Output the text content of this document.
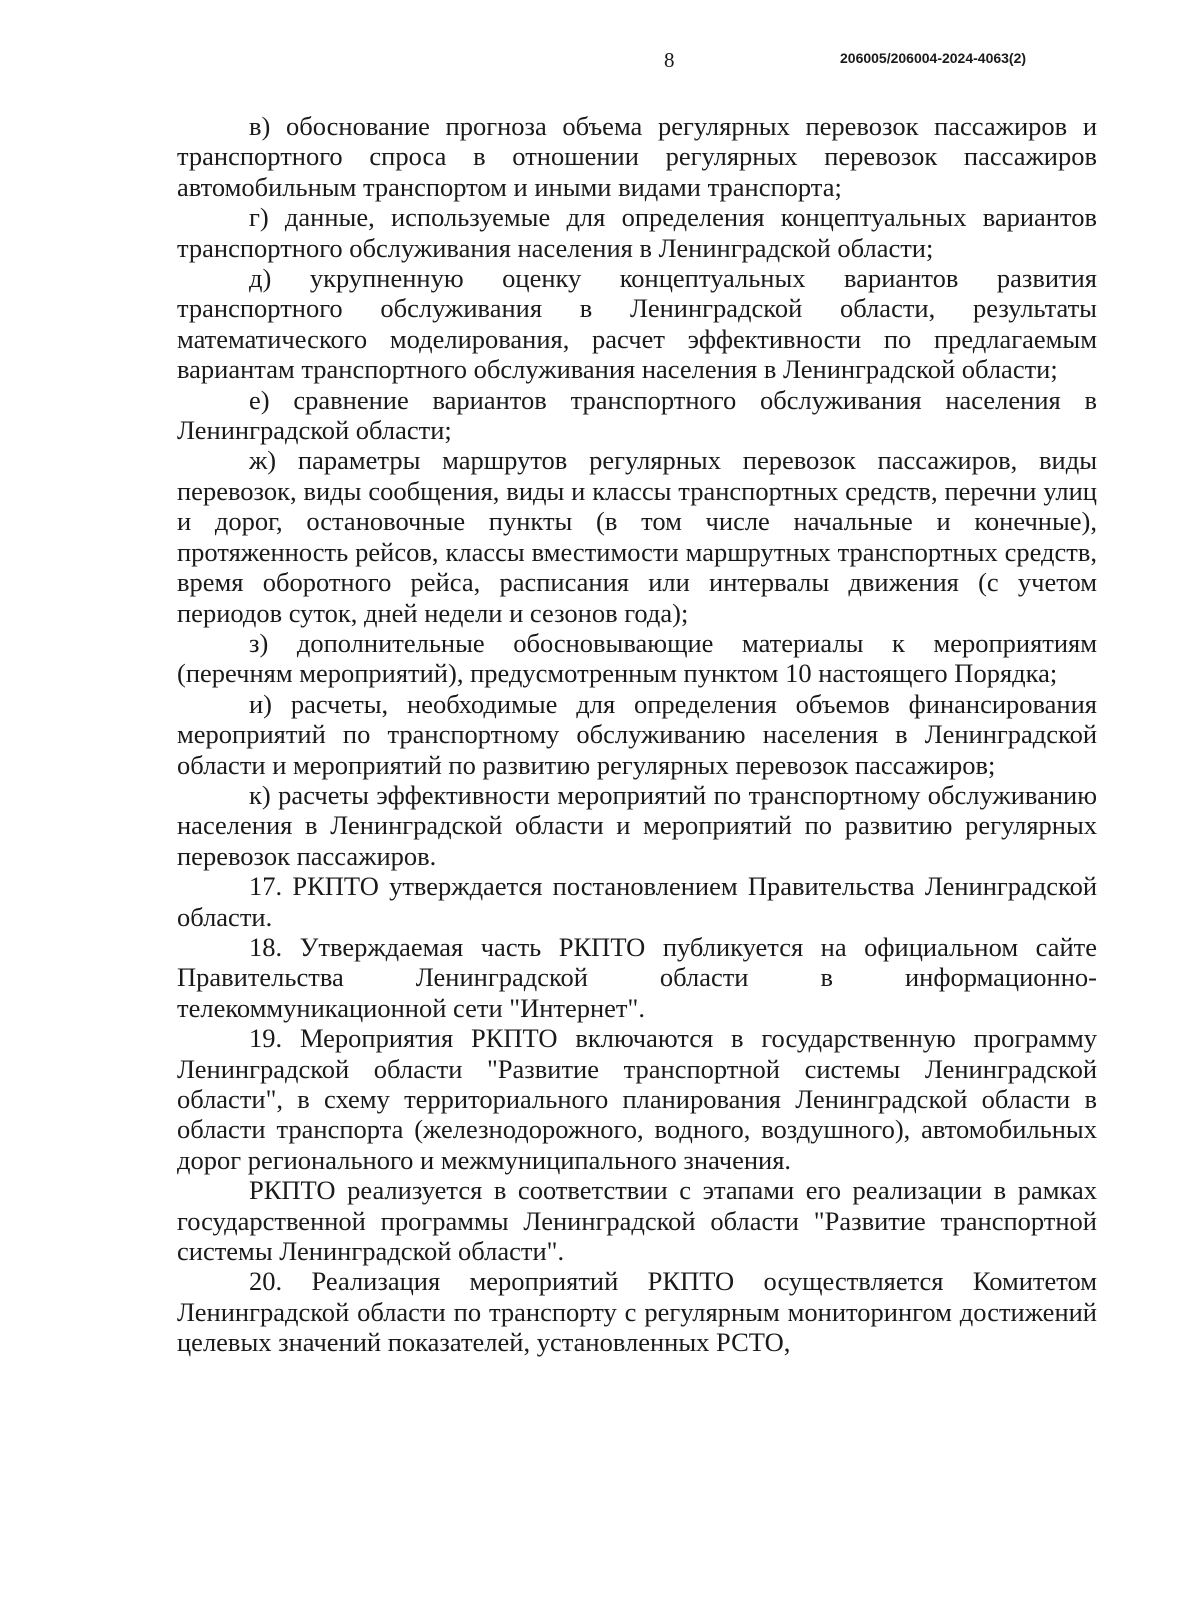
8	206005/206004-2024-4063(2)

в) обоснование прогноза объема регулярных перевозок пассажиров и транспортного спроса в отношении регулярных перевозок пассажиров автомобильным транспортом и иными видами транспорта;

г) данные, используемые для определения концептуальных вариантов транспортного обслуживания населения в Ленинградской области;

д) укрупненную оценку концептуальных вариантов развития транспортного обслуживания в Ленинградской области, результаты математического моделирования, расчет эффективности по предлагаемым вариантам транспортного обслуживания населения в Ленинградской области;

е) сравнение вариантов транспортного обслуживания населения в Ленинградской области;

ж) параметры маршрутов регулярных перевозок пассажиров, виды перевозок, виды сообщения, виды и классы транспортных средств, перечни улиц и дорог, остановочные пункты (в том числе начальные и конечные), протяженность рейсов, классы вместимости маршрутных транспортных средств, время оборотного рейса, расписания или интервалы движения (с учетом периодов суток, дней недели и сезонов года);

з) дополнительные обосновывающие материалы к мероприятиям (перечням мероприятий), предусмотренным пунктом 10 настоящего Порядка;

и) расчеты, необходимые для определения объемов финансирования мероприятий по транспортному обслуживанию населения в Ленинградской области и мероприятий по развитию регулярных перевозок пассажиров;

к) расчеты эффективности мероприятий по транспортному обслуживанию населения в Ленинградской области и мероприятий по развитию регулярных перевозок пассажиров.

17. РКПТО утверждается постановлением Правительства Ленинградской области.

18. Утверждаемая часть РКПТО публикуется на официальном сайте Правительства Ленинградской области в информационно-телекоммуникационной сети "Интернет".

19. Мероприятия РКПТО включаются в государственную программу Ленинградской области "Развитие транспортной системы Ленинградской области", в схему территориального планирования Ленинградской области в области транспорта (железнодорожного, водного, воздушного), автомобильных дорог регионального и межмуниципального значения.

РКПТО реализуется в соответствии с этапами его реализации в рамках государственной программы Ленинградской области "Развитие транспортной системы Ленинградской области".

20. Реализация мероприятий РКПТО осуществляется Комитетом Ленинградской области по транспорту с регулярным мониторингом достижений целевых значений показателей, установленных РСТО,
